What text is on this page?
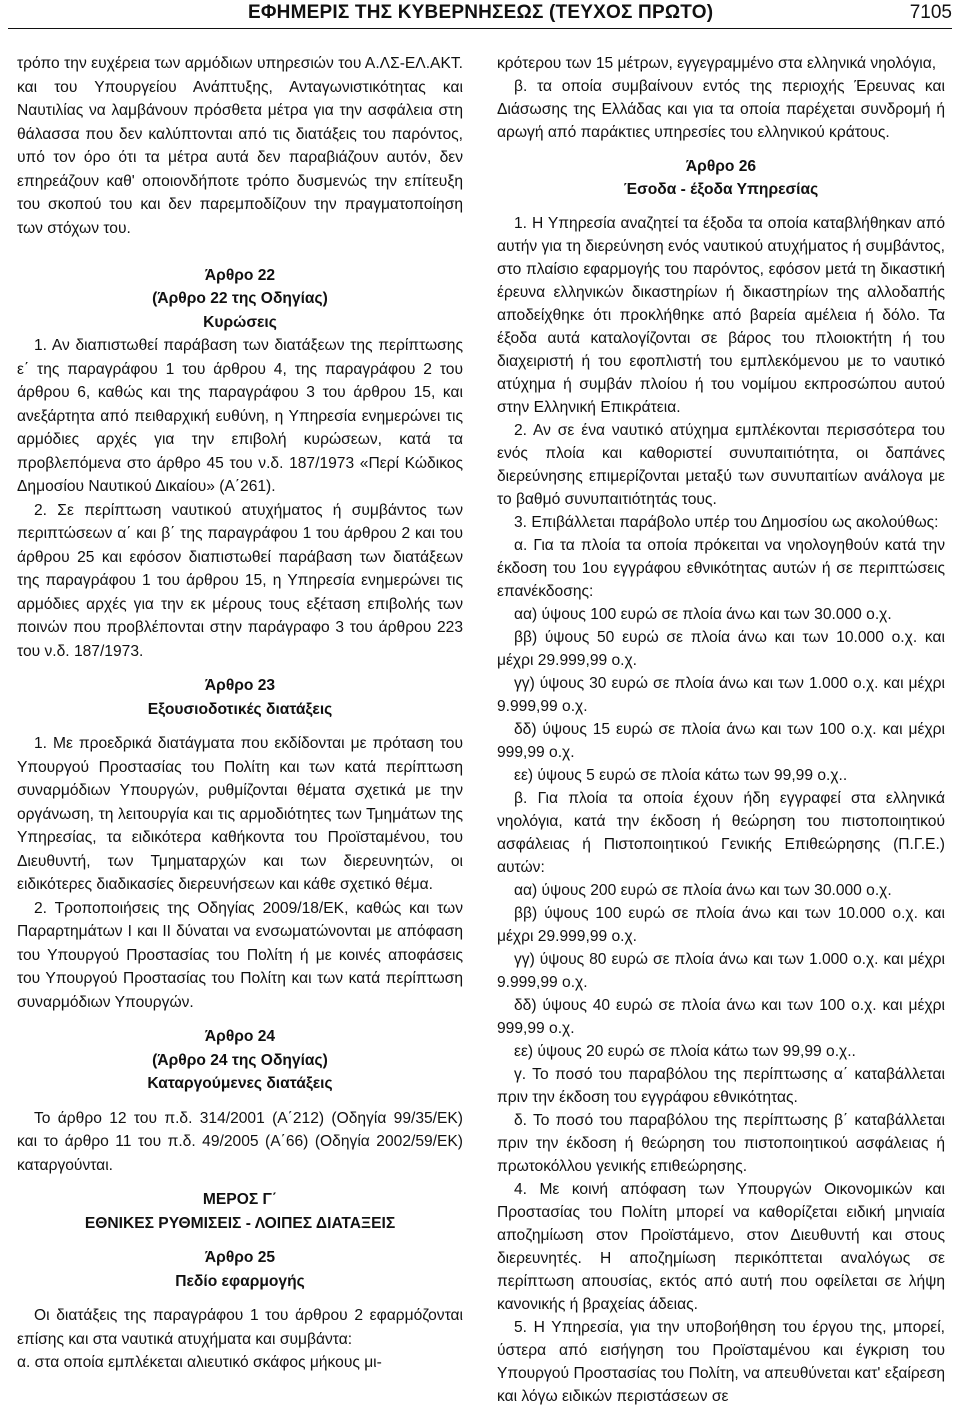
ΕΦΗΜΕΡΙΣ ΤΗΣ ΚΥΒΕΡΝΗΣΕΩΣ (ΤΕΥΧΟΣ ΠΡΩΤΟ)	7105

τρόπο την ευχέρεια των αρμόδιων υπηρεσιών του Α.ΛΣ-ΕΛ.ΑΚΤ. και του Υπουργείου Ανάπτυξης, Ανταγωνιστικότητας και Ναυτιλίας να λαμβάνουν πρόσθετα μέτρα για την ασφάλεια στη θάλασσα που δεν καλύπτονται από τις διατάξεις του παρόντος, υπό τον όρο ότι τα μέτρα αυτά δεν παραβιάζουν αυτόν, δεν επηρεάζουν καθ' οποιονδήποτε τρόπο δυσμενώς την επίτευξη του σκοπού του και δεν παρεμποδίζουν την πραγματοποίηση των στόχων του.

Άρθρο 22
(Άρθρο 22 της Οδηγίας)
Κυρώσεις

1. Αν διαπιστωθεί παράβαση των διατάξεων της περίπτωσης ε΄ της παραγράφου 1 του άρθρου 4, της παραγράφου 2 του άρθρου 6, καθώς και της παραγράφου 3 του άρθρου 15, και ανεξάρτητα από πειθαρχική ευθύνη, η Υπηρεσία ενημερώνει τις αρμόδιες αρχές για την επιβολή κυρώσεων, κατά τα προβλεπόμενα στο άρθρο 45 του ν.δ. 187/1973 «Περί Κώδικος Δημοσίου Ναυτικού Δικαίου» (Α΄261).

2. Σε περίπτωση ναυτικού ατυχήματος ή συμβάντος των περιπτώσεων α΄ και β΄ της παραγράφου 1 του άρθρου 2 και του άρθρου 25 και εφόσον διαπιστωθεί παράβαση των διατάξεων της παραγράφου 1 του άρθρου 15, η Υπηρεσία ενημερώνει τις αρμόδιες αρχές για την εκ μέρους τους εξέταση επιβολής των ποινών που προβλέπονται στην παράγραφο 3 του άρθρου 223 του ν.δ. 187/1973.

Άρθρο 23
Εξουσιοδοτικές διατάξεις

1. Με προεδρικά διατάγματα που εκδίδονται με πρόταση του Υπουργού Προστασίας του Πολίτη και των κατά περίπτωση συναρμόδιων Υπουργών, ρυθμίζονται θέματα σχετικά με την οργάνωση, τη λειτουργία και τις αρμοδιότητες των Τμημάτων της Υπηρεσίας, τα ειδικότερα καθήκοντα του Προϊσταμένου, του Διευθυντή, των Τμηματαρχών και των διερευνητών, οι ειδικότερες διαδικασίες διερευνήσεων και κάθε σχετικό θέμα.

2. Τροποποιήσεις της Οδηγίας 2009/18/ΕΚ, καθώς και των Παραρτημάτων Ι και ΙΙ δύναται να ενσωματώνονται με απόφαση του Υπουργού Προστασίας του Πολίτη ή με κοινές αποφάσεις του Υπουργού Προστασίας του Πολίτη και των κατά περίπτωση συναρμόδιων Υπουργών.

Άρθρο 24
(Άρθρο 24 της Οδηγίας)
Καταργούμενες διατάξεις

Το άρθρο 12 του π.δ. 314/2001 (Α΄212) (Οδηγία 99/35/ΕΚ) και το άρθρο 11 του π.δ. 49/2005 (Α΄66) (Οδηγία 2002/59/ΕΚ) καταργούνται.

ΜΕΡΟΣ Γ΄
ΕΘΝΙΚΕΣ ΡΥΘΜΙΣΕΙΣ - ΛΟΙΠΕΣ ΔΙΑΤΑΞΕΙΣ
Άρθρο 25
Πεδίο εφαρμογής

Οι διατάξεις της παραγράφου 1 του άρθρου 2 εφαρμόζονται επίσης και στα ναυτικά ατυχήματα και συμβάντα:

α. στα οποία εμπλέκεται αλιευτικό σκάφος μήκους μι-

κρότερου των 15 μέτρων, εγγεγραμμένο στα ελληνικά νηολόγια,

β. τα οποία συμβαίνουν εντός της περιοχής Έρευνας και Διάσωσης της Ελλάδας και για τα οποία παρέχεται συνδρομή ή αρωγή από παράκτιες υπηρεσίες του ελληνικού κράτους.

Άρθρο 26
Έσοδα - έξοδα Υπηρεσίας

1. Η Υπηρεσία αναζητεί τα έξοδα τα οποία καταβλήθηκαν από αυτήν για τη διερεύνηση ενός ναυτικού ατυχήματος ή συμβάντος, στο πλαίσιο εφαρμογής του παρόντος, εφόσον μετά τη δικαστική έρευνα ελληνικών δικαστηρίων ή δικαστηρίων της αλλοδαπής αποδείχθηκε ότι προκλήθηκε από βαρεία αμέλεια ή δόλο. Τα έξοδα αυτά καταλογίζονται σε βάρος του πλοιοκτήτη ή του διαχειριστή ή του εφοπλιστή του εμπλεκόμενου με το ναυτικό ατύχημα ή συμβάν πλοίου ή του νομίμου εκπροσώπου αυτού στην Ελληνική Επικράτεια.

2. Αν σε ένα ναυτικό ατύχημα εμπλέκονται περισσότερα του ενός πλοία και καθοριστεί συνυπαιτιότητα, οι δαπάνες διερεύνησης επιμερίζονται μεταξύ των συνυπαιτίων ανάλογα με το βαθμό συνυπαιτιότητάς τους.

3. Επιβάλλεται παράβολο υπέρ του Δημοσίου ως ακολούθως:

α. Για τα πλοία τα οποία πρόκειται να νηολογηθούν κατά την έκδοση του 1ου εγγράφου εθνικότητας αυτών ή σε περιπτώσεις επανέκδοσης:

αα) ύψους 100 ευρώ σε πλοία άνω και των 30.000 ο.χ.

ββ) ύψους 50 ευρώ σε πλοία άνω και των 10.000 ο.χ. και μέχρι 29.999,99 ο.χ.

γγ) ύψους 30 ευρώ σε πλοία άνω και των 1.000 ο.χ. και μέχρι 9.999,99 ο.χ.

δδ) ύψους 15 ευρώ σε πλοία άνω και των 100 ο.χ. και μέχρι 999,99 ο.χ.

εε) ύψους 5 ευρώ σε πλοία κάτω των 99,99 ο.χ..

β. Για πλοία τα οποία έχουν ήδη εγγραφεί στα ελληνικά νηολόγια, κατά την έκδοση ή θεώρηση του πιστοποιητικού ασφάλειας ή Πιστοποιητικού Γενικής Επιθεώρησης (Π.Γ.Ε.) αυτών:

αα) ύψους 200 ευρώ σε πλοία άνω και των 30.000 ο.χ.

ββ) ύψους 100 ευρώ σε πλοία άνω και των 10.000 ο.χ. και μέχρι 29.999,99 ο.χ.

γγ) ύψους 80 ευρώ σε πλοία άνω και των 1.000 ο.χ. και μέχρι 9.999,99 ο.χ.

δδ) ύψους 40 ευρώ σε πλοία άνω και των 100 ο.χ. και μέχρι 999,99 ο.χ.

εε) ύψους 20 ευρώ σε πλοία κάτω των 99,99 ο.χ..

γ. Το ποσό του παραβόλου της περίπτωσης α΄ καταβάλλεται πριν την έκδοση του εγγράφου εθνικότητας.

δ. Το ποσό του παραβόλου της περίπτωσης β΄ καταβάλλεται πριν την έκδοση ή θεώρηση του πιστοποιητικού ασφάλειας ή πρωτοκόλλου γενικής επιθεώρησης.

4. Με κοινή απόφαση των Υπουργών Οικονομικών και Προστασίας του Πολίτη μπορεί να καθορίζεται ειδική μηνιαία αποζημίωση στον Προϊστάμενο, στον Διευθυντή και στους διερευνητές. Η αποζημίωση περικόπτεται αναλόγως σε περίπτωση απουσίας, εκτός από αυτή που οφείλεται σε λήψη κανονικής ή βραχείας άδειας.

5. Η Υπηρεσία, για την υποβοήθηση του έργου της, μπορεί, ύστερα από εισήγηση του Προϊσταμένου και έγκριση του Υπουργού Προστασίας του Πολίτη, να απευθύνεται κατ' εξαίρεση και λόγω ειδικών περιστάσεων σε
